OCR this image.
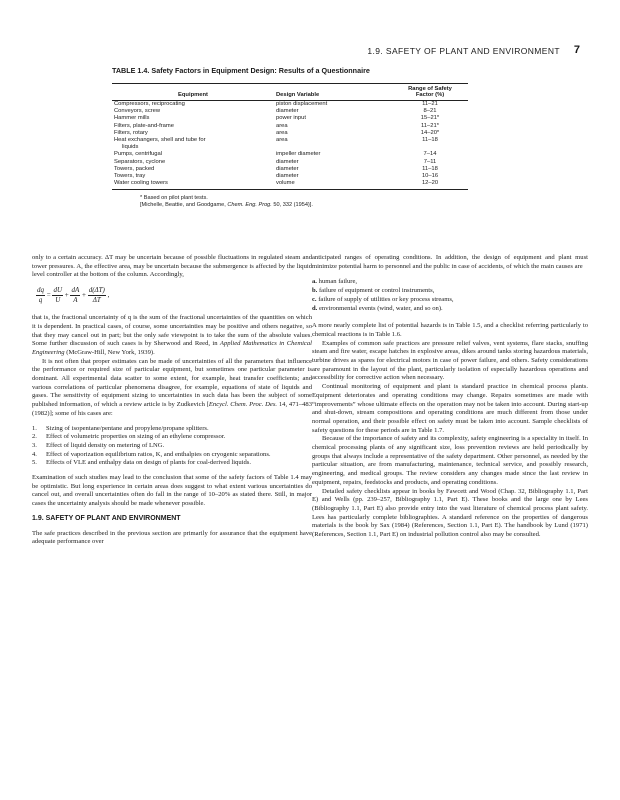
1.9. SAFETY OF PLANT AND ENVIRONMENT 7
TABLE 1.4. Safety Factors in Equipment Design: Results of a Questionnaire
Equipment	Design Variable	Range of Safety
Factor (%)
Compressors, reciprocating	piston displacement	11–21
Conveyors, screw	diameter	8–21
Hammer mills	power input	15–21*
Filters, plate-and-frame	area	11–21*
Filters, rotary	area	14–20*
Heat exchangers, shell and tube for	area	11–18
liquids		
Pumps, centrifugal	impeller diameter	7–14
Separators, cyclone	diameter	7–11
Towers, packed	diameter	11–18
Towers, tray	diameter	10–16
Water cooling towers	volume	12–20
* Based on pilot plant tests.
[Michelle, Beattie, and Goodgame, Chem. Eng. Prog. 50, 332 (1954)].

only to a certain accuracy. ΔT may be uncertain because of possible fluctuations in regulated steam and tower pressures. A, the effective area, may be uncertain because the submergence is affected by the liquid level controller at the bottom of the column. Accordingly,

$\frac{dq}{q} = \frac{dU}{U} + \frac{dA}{A} + \frac{d(\Delta T)}{\Delta T}$ ,

that is, the fractional uncertainty of q is the sum of the fractional uncertainties of the quantities on which it is dependent. In practical cases, of course, some uncertainties may be positive and others negative, so that they may cancel out in part; but the only safe viewpoint is to take the sum of the absolute values. Some further discussion of such cases is by Sherwood and Reed, in Applied Mathematics in Chemical Engineering (McGraw-Hill, New York, 1939).

It is not often that proper estimates can be made of uncertainties of all the parameters that influence the performance or required size of particular equipment, but sometimes one particular parameter is dominant. All experimental data scatter to some extent, for example, heat transfer coefficients; and various correlations of particular phenomena disagree, for example, equations of state of liquids and gases. The sensitivity of equipment sizing to uncertainties in such data has been the subject of some published information, of which a review article is by Zudkevich [Encycl. Chem. Proc. Des. 14, 471–483 (1982)]; some of his cases are:

1. Sizing of isopentane/pentane and propylene/propane splitters.
2. Effect of volumetric properties on sizing of an ethylene compressor.
3. Effect of liquid density on metering of LNG.
4. Effect of vaporization equilibrium ratios, K, and enthalpies on cryogenic separations.
5. Effects of VLE and enthalpy data on design of plants for coal-derived liquids.

Examination of such studies may lead to the conclusion that some of the safety factors of Table 1.4 may be optimistic. But long experience in certain areas does suggest to what extent various uncertainties do cancel out, and overall uncertainties often do fall in the range of 10–20% as stated there. Still, in major cases the uncertainty analysis should be made whenever possible.

1.9. SAFETY OF PLANT AND ENVIRONMENT

The safe practices described in the previous section are primarily for assurance that the equipment have adequate performance over

anticipated ranges of operating conditions. In addition, the design of equipment and plant must minimize potential harm to personnel and the public in case of accidents, of which the main causes are

a. human failure,
b. failure of equipment or control instruments,
c. failure of supply of utilities or key process streams,
d. environmental events (wind, water, and so on).

A more nearly complete list of potential hazards is in Table 1.5, and a checklist referring particularly to chemical reactions is in Table 1.6.

Examples of common safe practices are pressure relief valves, vent systems, flare stacks, snuffing steam and fire water, escape hatches in explosive areas, dikes around tanks storing hazardous materials, turbine drives as spares for electrical motors in case of power failure, and others. Safety considerations are paramount in the layout of the plant, particularly isolation of especially hazardous operations and accessibility for corrective action when necessary.

Continual monitoring of equipment and plant is standard practice in chemical process plants. Equipment deteriorates and operating conditions may change. Repairs sometimes are made with “improvements” whose ultimate effects on the operation may not be taken into account. During start-up and shut-down, stream compositions and operating conditions are much different from those under normal operation, and their possible effect on safety must be taken into account. Sample checklists of safety questions for these periods are in Table 1.7.

Because of the importance of safety and its complexity, safety engineering is a speciality in itself. In chemical processing plants of any significant size, loss prevention reviews are held periodically by groups that always include a representative of the safety department. Other personnel, as needed by the particular situation, are from manufacturing, maintenance, technical service, and possibly research, engineering, and medical groups. The review considers any changes made since the last review in equipment, repairs, feedstocks and products, and operating conditions.

Detailed safety checklists appear in books by Fawcett and Wood (Chap. 32, Bibliography 1.1, Part E) and Wells (pp. 239–257, Bibliography 1.1, Part E). These books and the large one by Lees (Bibliography 1.1, Part E) also provide entry into the vast literature of chemical process plant safety. Lees has particularly complete bibliographies. A standard reference on the properties of dangerous materials is the book by Sax (1984) (References, Section 1.1, Part E). The handbook by Lund (1971) (References, Section 1.1, Part E) on industrial pollution control also may be consulted.
